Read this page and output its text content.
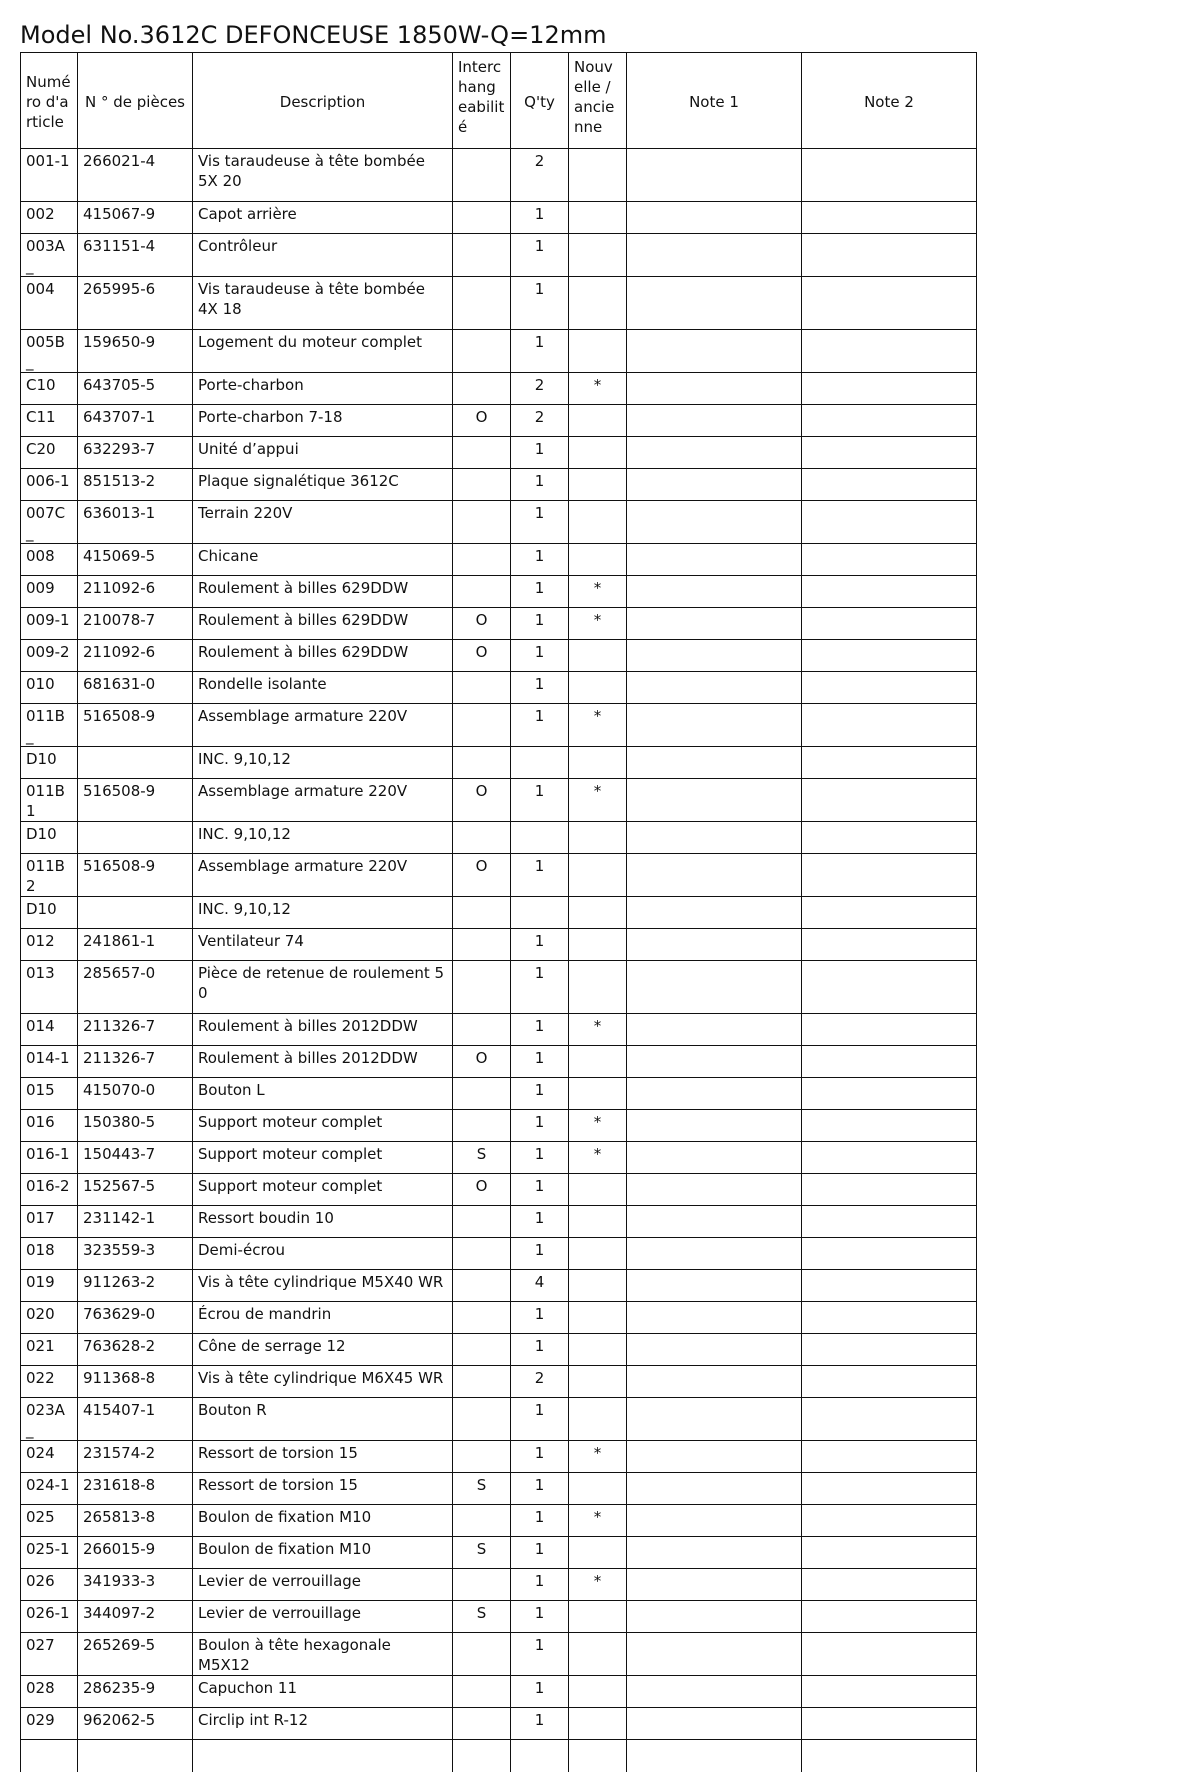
Model No.3612C DEFONCEUSE 1850W-Q=12mm
Numé ro d'a rticle	N ° de pièces	Description	Interc hang eabilit é	Q'ty	Nouv elle / ancie nne	Note 1	Note 2
001-1	266021-4	Vis taraudeuse à tête bombée 5X 20		2			
002	415067-9	Capot arrière		1			
003A_	631151-4	Contrôleur		1			
004	265995-6	Vis taraudeuse à tête bombée 4X 18		1			
005B_	159650-9	Logement du moteur complet		1			
C10	643705-5	Porte-charbon		2	*		
C11	643707-1	Porte-charbon 7-18	O	2			
C20	632293-7	Unité d’appui		1			
006-1	851513-2	Plaque signalétique 3612C		1			
007C_	636013-1	Terrain 220V		1			
008	415069-5	Chicane		1			
009	211092-6	Roulement à billes 629DDW		1	*		
009-1	210078-7	Roulement à billes 629DDW	O	1	*		
009-2	211092-6	Roulement à billes 629DDW	O	1			
010	681631-0	Rondelle isolante		1			
011B_	516508-9	Assemblage armature 220V		1	*		
D10		INC. 9,10,12					
011B1	516508-9	Assemblage armature 220V	O	1	*		
D10		INC. 9,10,12					
011B2	516508-9	Assemblage armature 220V	O	1			
D10		INC. 9,10,12					
012	241861-1	Ventilateur 74		1			
013	285657-0	Pièce de retenue de roulement 5 0		1			
014	211326-7	Roulement à billes 2012DDW		1	*		
014-1	211326-7	Roulement à billes 2012DDW	O	1			
015	415070-0	Bouton L		1			
016	150380-5	Support moteur complet		1	*		
016-1	150443-7	Support moteur complet	S	1	*		
016-2	152567-5	Support moteur complet	O	1			
017	231142-1	Ressort boudin 10		1			
018	323559-3	Demi-écrou		1			
019	911263-2	Vis à tête cylindrique M5X40 WR		4			
020	763629-0	Écrou de mandrin		1			
021	763628-2	Cône de serrage 12		1			
022	911368-8	Vis à tête cylindrique M6X45 WR		2			
023A_	415407-1	Bouton R		1			
024	231574-2	Ressort de torsion 15		1	*		
024-1	231618-8	Ressort de torsion 15	S	1			
025	265813-8	Boulon de fixation M10		1	*		
025-1	266015-9	Boulon de fixation M10	S	1			
026	341933-3	Levier de verrouillage		1	*		
026-1	344097-2	Levier de verrouillage	S	1			
027	265269-5	Boulon à tête hexagonale M5X12		1			
028	286235-9	Capuchon 11		1			
029	962062-5	Circlip int R-12		1			
